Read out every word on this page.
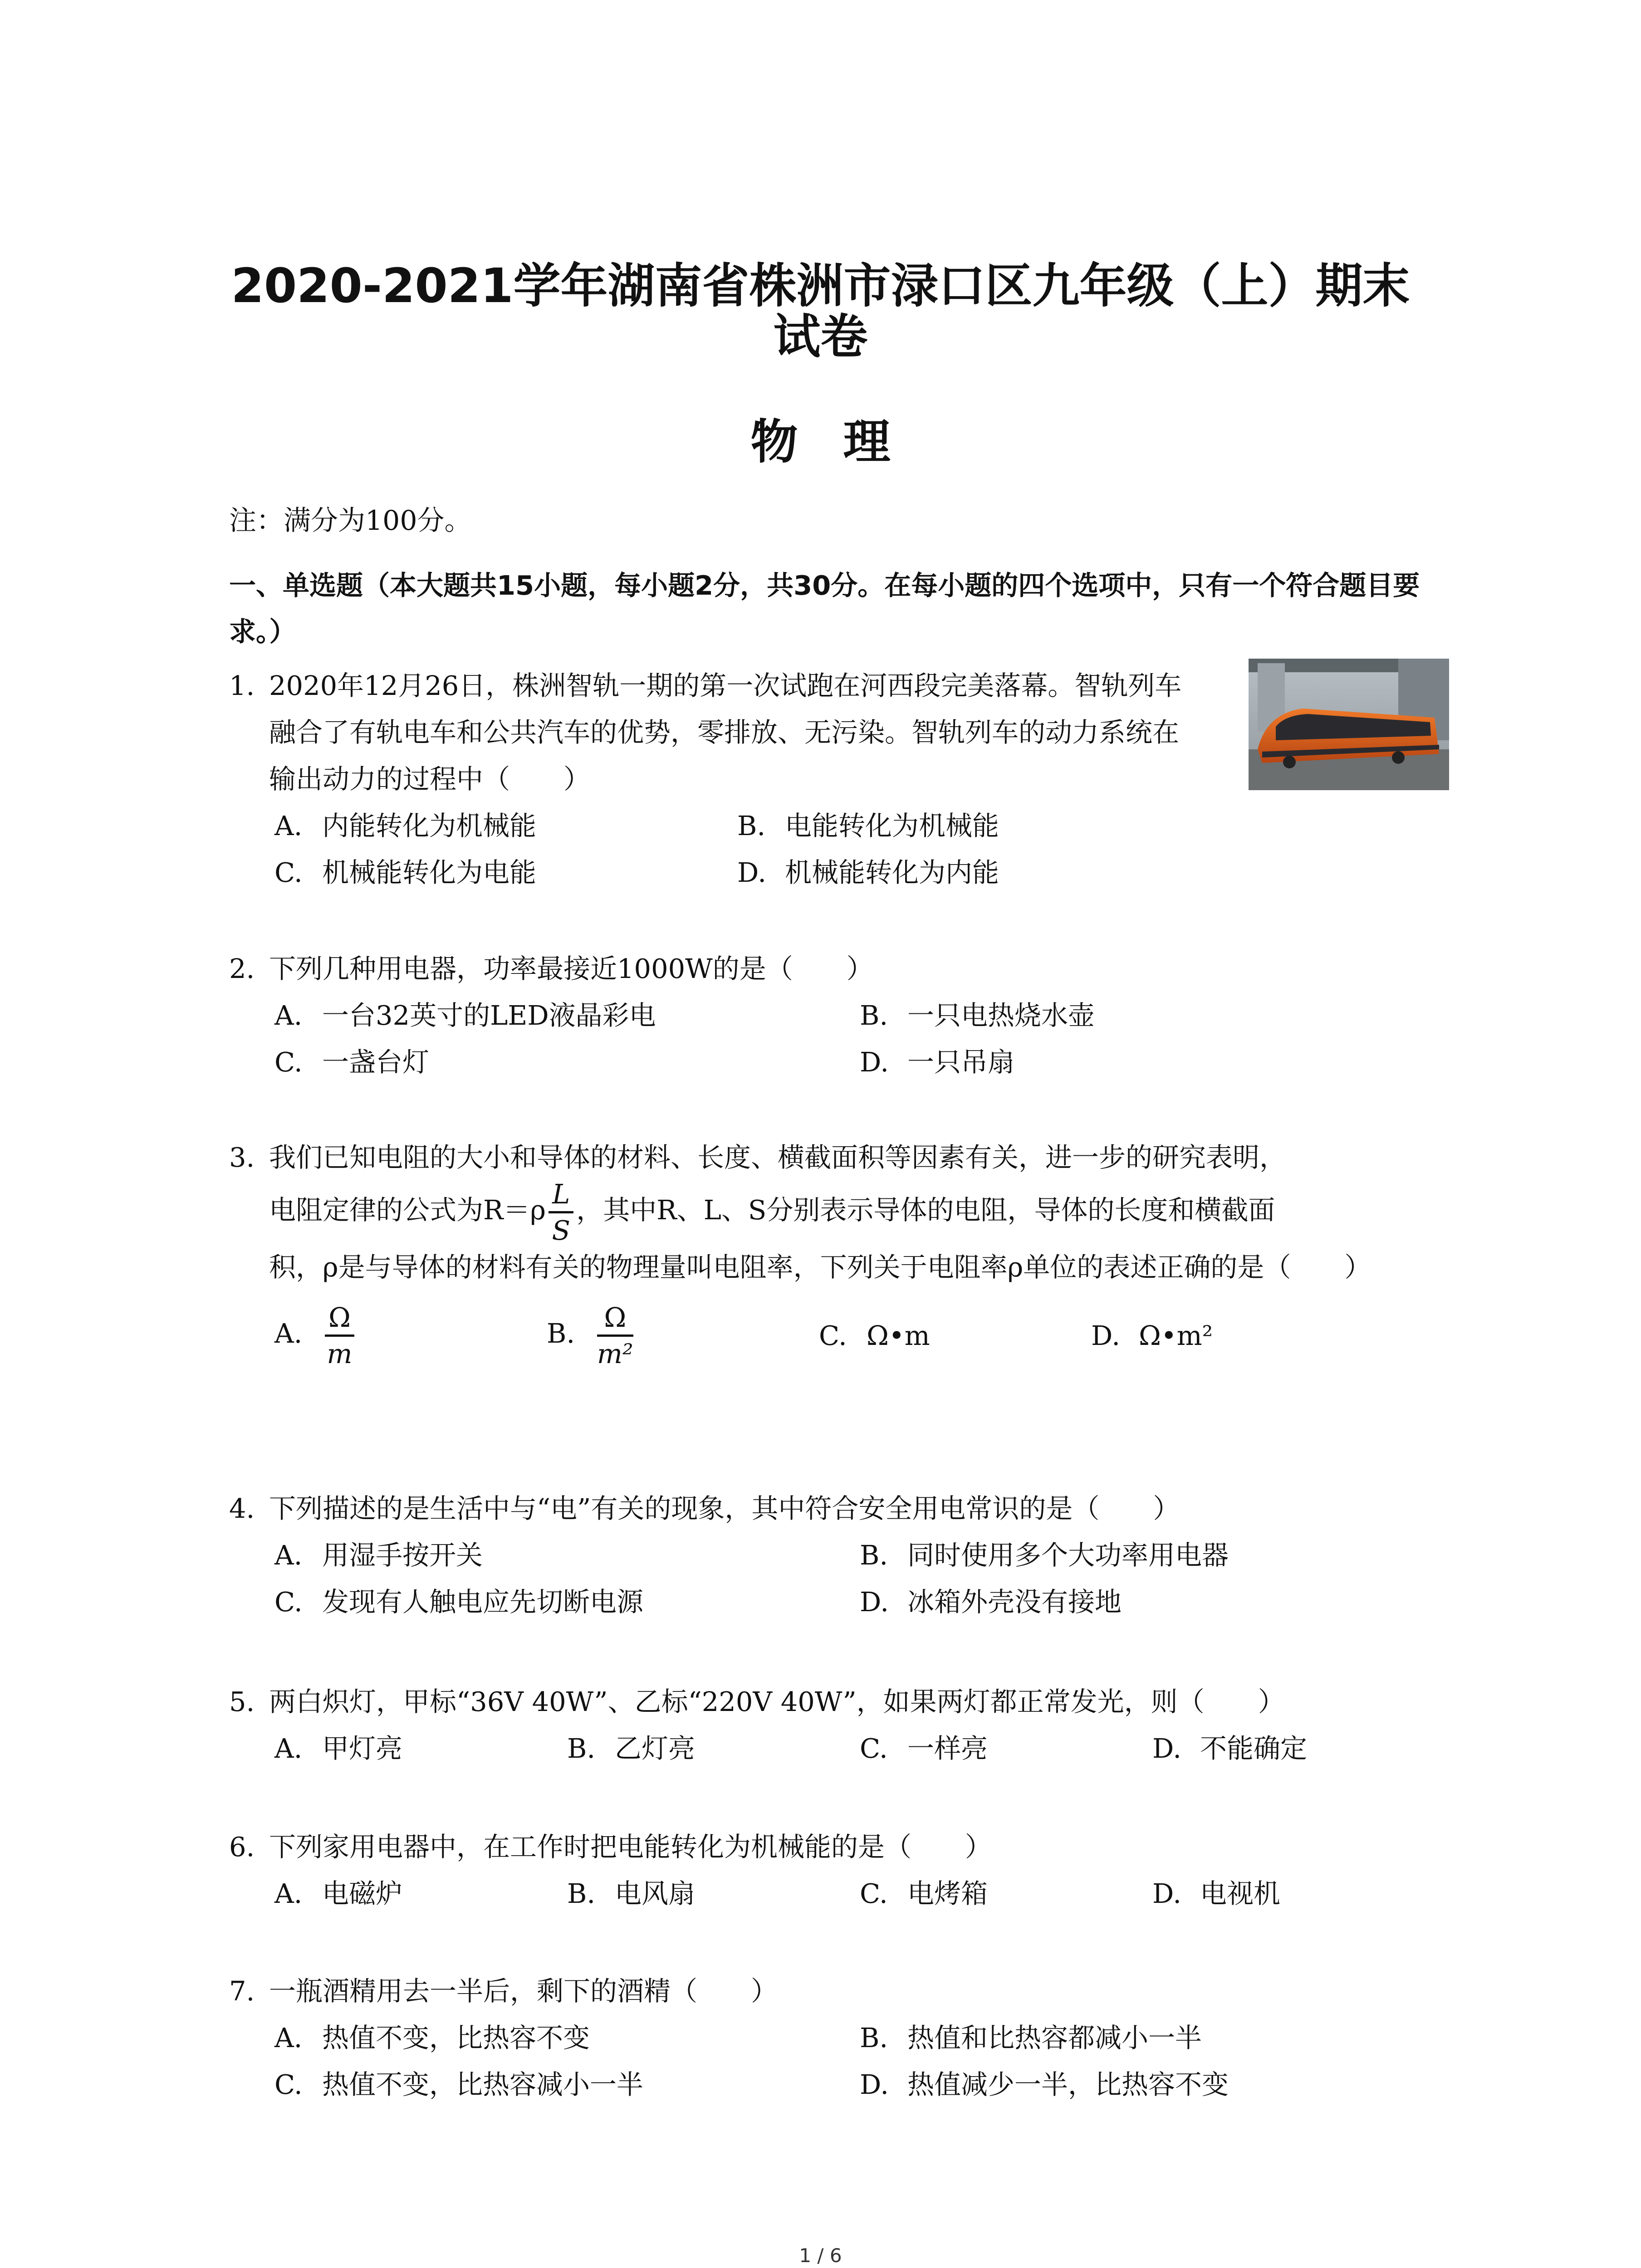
2020-2021学年湖南省株洲市渌口区九年级（上）期末
试卷
物理
注：满分为100分。
一、单选题（本大题共15小题，每小题2分，共30分。在每小题的四个选项中，只有一个符合题目要求。）
1. 2020年12月26日，株洲智轨一期的第一次试跑在河西段完美落幕。智轨列车融合了有轨电车和公共汽车的优势，零排放、无污染。智轨列车的动力系统在输出动力的过程中（　　）
A. 内能转化为机械能	B. 电能转化为机械能
C. 机械能转化为电能	D. 机械能转化为内能
2. 下列几种用电器，功率最接近1000W的是（　　）
A. 一台32英寸的LED液晶彩电	B. 一只电热烧水壶
C. 一盏台灯	D. 一只吊扇
3. 我们已知电阻的大小和导体的材料、长度、横截面积等因素有关，进一步的研究表明，
电阻定律的公式为$R=\rho \frac{L}{S}$ ，其中R、L、S分别表示导体的电阻，导体的长度和横截面
积，ρ是与导体的材料有关的物理量叫电阻率，下列关于电阻率ρ单位的表述正确的是（　　）
A. $\frac{\Omega}{m}$	B. $\frac{\Omega}{\text{m²}}$	C. Ω•m	D. Ω•m²
4. 下列描述的是生活中与“电”有关的现象，其中符合安全用电常识的是（　　）
A. 用湿手按开关	B. 同时使用多个大功率用电器
C. 发现有人触电应先切断电源	D. 冰箱外壳没有接地
5. 两白炽灯，甲标“36V 40W”、乙标“220V 40W”，如果两灯都正常发光，则（　　）
A. 甲灯亮	B. 乙灯亮	C. 一样亮	D. 不能确定
6. 下列家用电器中，在工作时把电能转化为机械能的是（　　）
A. 电磁炉	B. 电风扇	C. 电烤箱	D. 电视机
7. 一瓶酒精用去一半后，剩下的酒精（　　）
A. 热值不变，比热容不变	B. 热值和比热容都减小一半
C. 热值不变，比热容减小一半	D. 热值减少一半，比热容不变
1 / 6
